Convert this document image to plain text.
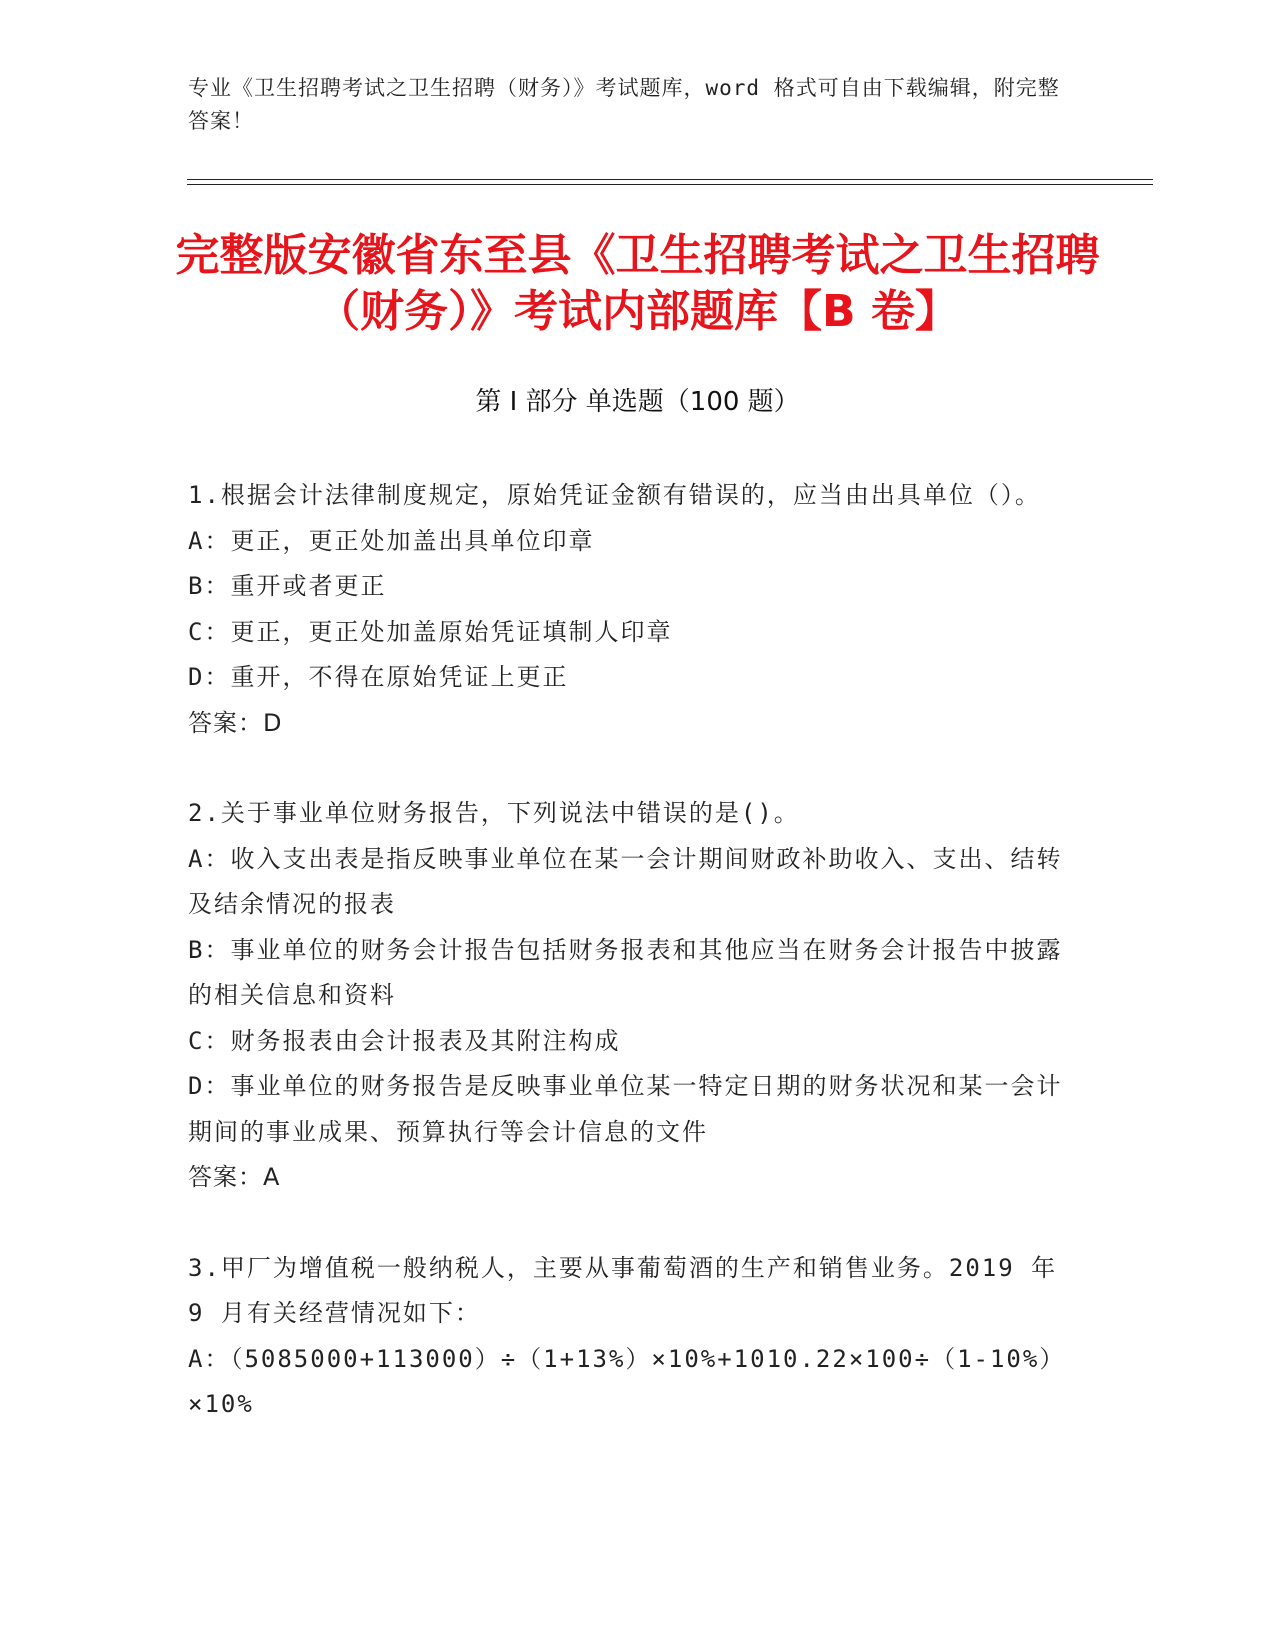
专业《卫生招聘考试之卫生招聘（财务）》考试题库，word 格式可自由下载编辑，附完整答案！
完整版安徽省东至县《卫生招聘考试之卫生招聘（财务）》考试内部题库【B 卷】
第 I 部分 单选题（100 题）

1.根据会计法律制度规定，原始凭证金额有错误的，应当由出具单位（）。

A：更正，更正处加盖出具单位印章

B：重开或者更正

C：更正，更正处加盖原始凭证填制人印章

D：重开，不得在原始凭证上更正

答案：D

2.关于事业单位财务报告，下列说法中错误的是()。

A：收入支出表是指反映事业单位在某一会计期间财政补助收入、支出、结转及结余情况的报表

B：事业单位的财务会计报告包括财务报表和其他应当在财务会计报告中披露的相关信息和资料

C：财务报表由会计报表及其附注构成

D：事业单位的财务报告是反映事业单位某一特定日期的财务状况和某一会计期间的事业成果、预算执行等会计信息的文件

答案：A

3.甲厂为增值税一般纳税人，主要从事葡萄酒的生产和销售业务。2019 年 9 月有关经营情况如下：

A：（5085000+113000）÷（1+13%）×10%+1010.22×100÷（1-10%）×10%
